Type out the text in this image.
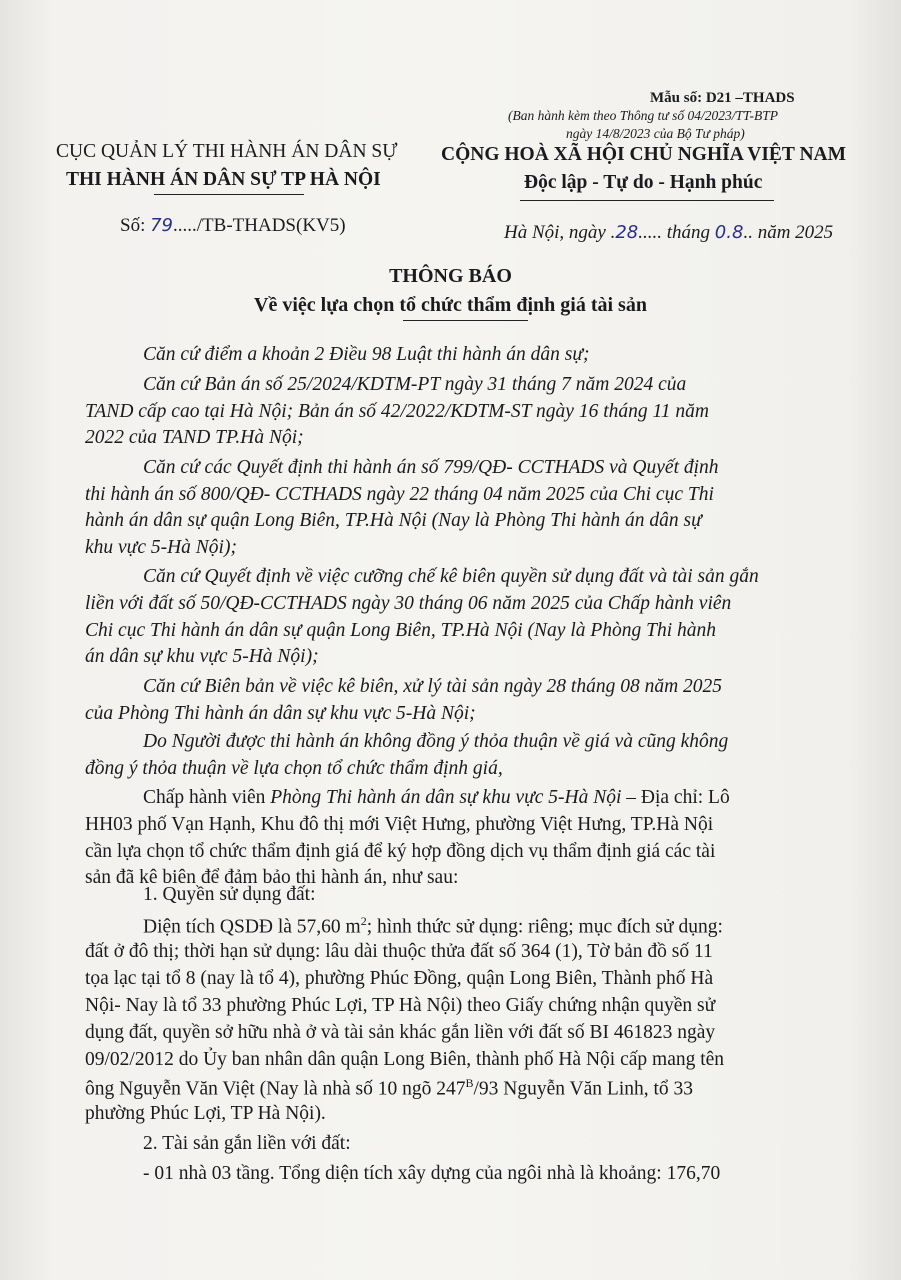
Mẫu số: D21 –THADS
(Ban hành kèm theo Thông tư số 04/2023/TT-BTP
ngày 14/8/2023 của Bộ Tư pháp)
CỤC QUẢN LÝ THI HÀNH ÁN DÂN SỰ
THI HÀNH ÁN DÂN SỰ TP HÀ NỘI
CỘNG HOÀ XÃ HỘI CHỦ NGHĨA VIỆT NAM
Độc lập - Tự do - Hạnh phúc
Số: 79...../TB-THADS(KV5)	Hà Nội, ngày .28..... tháng 0.8.. năm 2025
THÔNG BÁO
Về việc lựa chọn tổ chức thẩm định giá tài sản
Căn cứ điểm a khoản 2 Điều 98 Luật thi hành án dân sự;
Căn cứ Bản án số 25/2024/KDTM-PT ngày 31 tháng 7 năm 2024 của
TAND cấp cao tại Hà Nội; Bản án số 42/2022/KDTM-ST ngày 16 tháng 11 năm
2022 của TAND TP.Hà Nội;
Căn cứ các Quyết định thi hành án số 799/QĐ- CCTHADS và Quyết định
thi hành án số 800/QĐ- CCTHADS ngày 22 tháng 04 năm 2025 của Chi cục Thi
hành án dân sự quận Long Biên, TP.Hà Nội (Nay là Phòng Thi hành án dân sự
khu vực 5-Hà Nội);
Căn cứ Quyết định về việc cưỡng chế kê biên quyền sử dụng đất và tài sản gắn
liền với đất số 50/QĐ-CCTHADS ngày 30 tháng 06 năm 2025 của Chấp hành viên
Chi cục Thi hành án dân sự quận Long Biên, TP.Hà Nội (Nay là Phòng Thi hành
án dân sự khu vực 5-Hà Nội);
Căn cứ Biên bản về việc kê biên, xử lý tài sản ngày 28 tháng 08 năm 2025
của Phòng Thi hành án dân sự khu vực 5-Hà Nội;
Do Người được thi hành án không đồng ý thỏa thuận về giá và cũng không
đồng ý thỏa thuận về lựa chọn tổ chức thẩm định giá,
Chấp hành viên Phòng Thi hành án dân sự khu vực 5-Hà Nội – Địa chỉ: Lô
HH03 phố Vạn Hạnh, Khu đô thị mới Việt Hưng, phường Việt Hưng, TP.Hà Nội
cần lựa chọn tổ chức thẩm định giá để ký hợp đồng dịch vụ thẩm định giá các tài
sản đã kê biên để đảm bảo thi hành án, như sau:
1. Quyền sử dụng đất:
Diện tích QSDĐ là 57,60 $m^2$; hình thức sử dụng: riêng; mục đích sử dụng:
đất ở đô thị; thời hạn sử dụng: lâu dài thuộc thửa đất số 364 (1), Tờ bản đồ số 11
tọa lạc tại tổ 8 (nay là tổ 4), phường Phúc Đồng, quận Long Biên, Thành phố Hà
Nội- Nay là tổ 33 phường Phúc Lợi, TP Hà Nội) theo Giấy chứng nhận quyền sử
dụng đất, quyền sở hữu nhà ở và tài sản khác gắn liền với đất số BI 461823 ngày
09/02/2012 do Ủy ban nhân dân quận Long Biên, thành phố Hà Nội cấp mang tên
ông Nguyễn Văn Việt (Nay là nhà số 10 ngõ $247^B/93$ Nguyễn Văn Linh, tổ 33
phường Phúc Lợi, TP Hà Nội).
2. Tài sản gắn liền với đất:
- 01 nhà 03 tầng. Tổng diện tích xây dựng của ngôi nhà là khoảng: 176,70
